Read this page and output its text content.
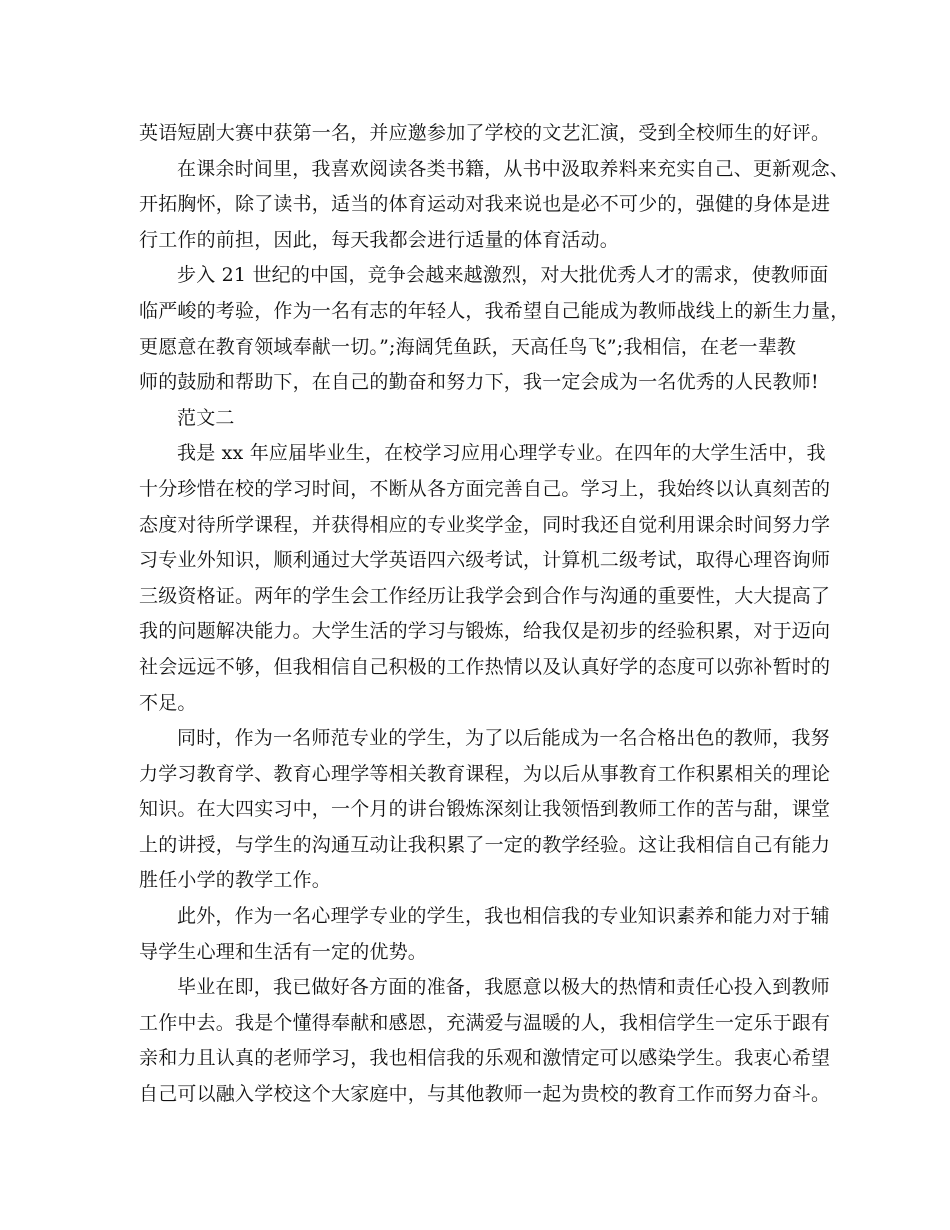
英语短剧大赛中获第一名，并应邀参加了学校的文艺汇演，受到全校师生的好评。
在课余时间里，我喜欢阅读各类书籍，从书中汲取养料来充实自己、更新观念、
开拓胸怀，除了读书，适当的体育运动对我来说也是必不可少的，强健的身体是进
行工作的前担，因此，每天我都会进行适量的体育活动。
步入 21 世纪的中国，竞争会越来越激烈，对大批优秀人才的需求，使教师面
临严峻的考验，作为一名有志的年轻人，我希望自己能成为教师战线上的新生力量，
更愿意在教育领域奉献一切。”;海阔凭鱼跃，天高任鸟飞”;我相信，在老一辈教
师的鼓励和帮助下，在自己的勤奋和努力下，我一定会成为一名优秀的人民教师!
范文二
我是 xx 年应届毕业生，在校学习应用心理学专业。在四年的大学生活中，我
十分珍惜在校的学习时间，不断从各方面完善自己。学习上，我始终以认真刻苦的
态度对待所学课程，并获得相应的专业奖学金，同时我还自觉利用课余时间努力学
习专业外知识，顺利通过大学英语四六级考试，计算机二级考试，取得心理咨询师
三级资格证。两年的学生会工作经历让我学会到合作与沟通的重要性，大大提高了
我的问题解决能力。大学生活的学习与锻炼，给我仅是初步的经验积累，对于迈向
社会远远不够，但我相信自己积极的工作热情以及认真好学的态度可以弥补暂时的
不足。
同时，作为一名师范专业的学生，为了以后能成为一名合格出色的教师，我努
力学习教育学、教育心理学等相关教育课程，为以后从事教育工作积累相关的理论
知识。在大四实习中，一个月的讲台锻炼深刻让我领悟到教师工作的苦与甜，课堂
上的讲授，与学生的沟通互动让我积累了一定的教学经验。这让我相信自己有能力
胜任小学的教学工作。
此外，作为一名心理学专业的学生，我也相信我的专业知识素养和能力对于辅
导学生心理和生活有一定的优势。
毕业在即，我已做好各方面的准备，我愿意以极大的热情和责任心投入到教师
工作中去。我是个懂得奉献和感恩，充满爱与温暖的人，我相信学生一定乐于跟有
亲和力且认真的老师学习，我也相信我的乐观和激情定可以感染学生。我衷心希望
自己可以融入学校这个大家庭中，与其他教师一起为贵校的教育工作而努力奋斗。
